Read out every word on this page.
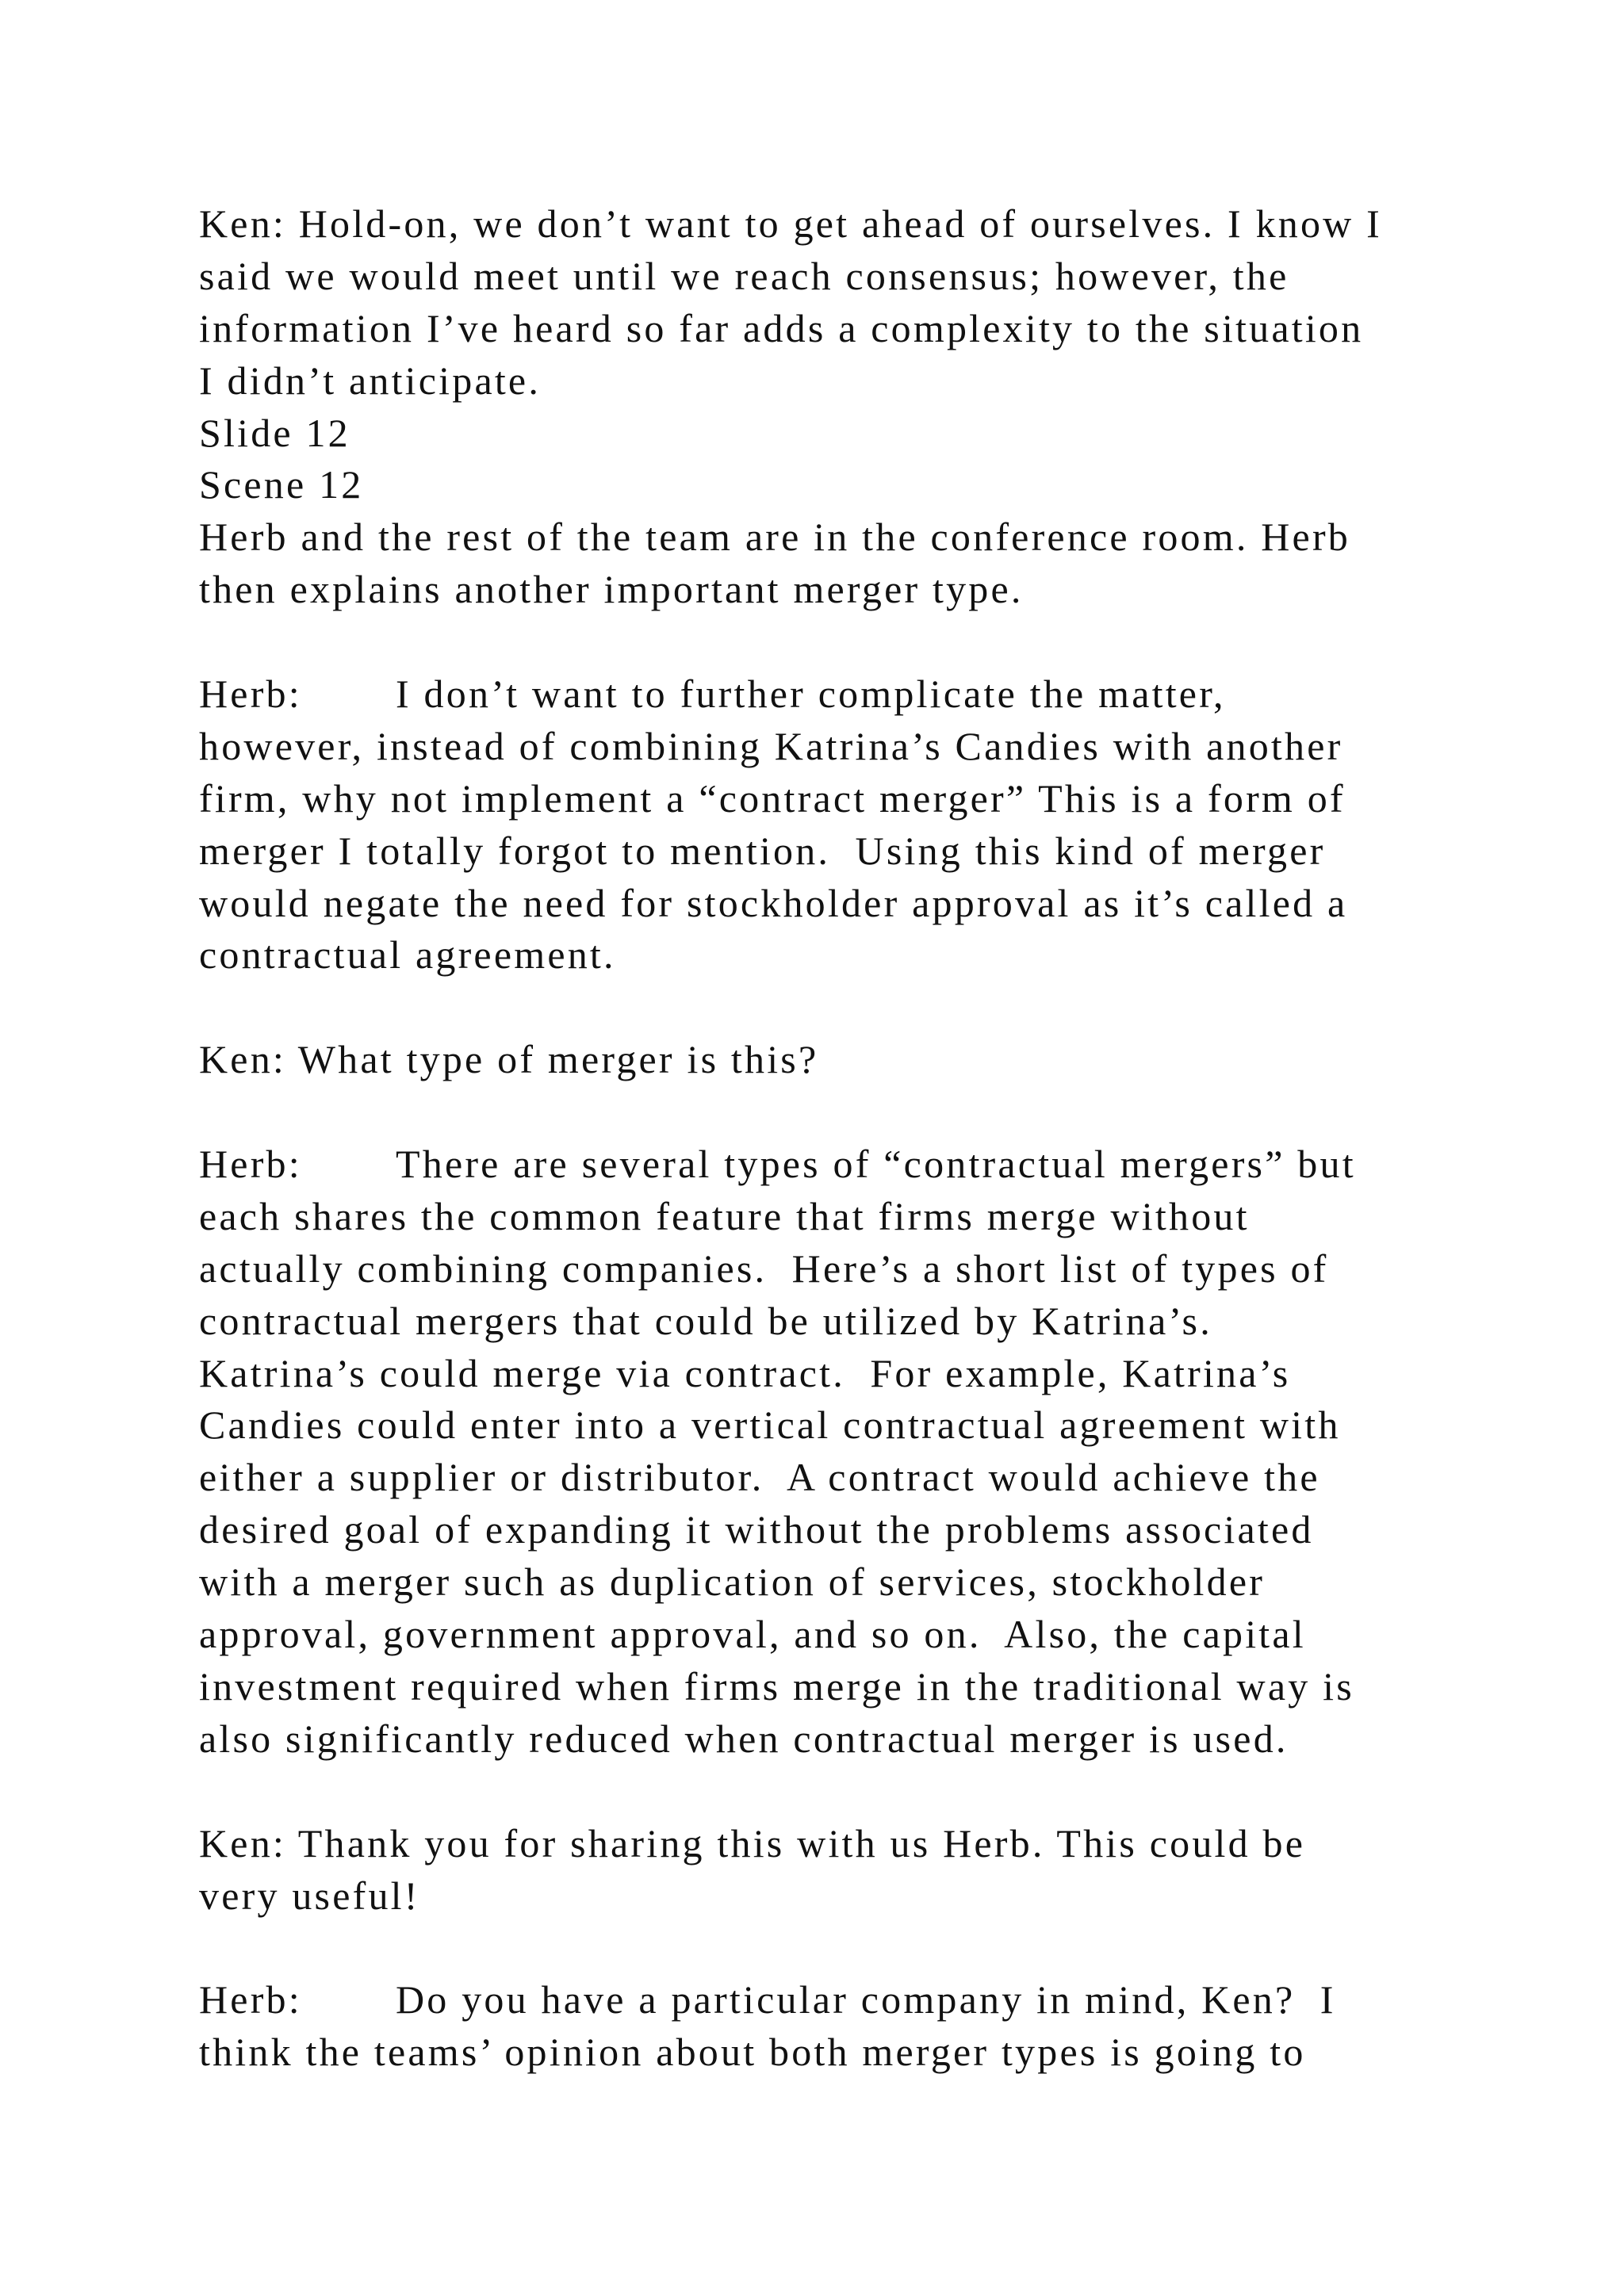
Ken: Hold-on, we don’t want to get ahead of ourselves. I know I
said we would meet until we reach consensus; however, the
information I’ve heard so far adds a complexity to the situation
I didn’t anticipate.
Slide 12
Scene 12
Herb and the rest of the team are in the conference room. Herb
then explains another important merger type.
Herb:	I don’t want to further complicate the matter,
however, instead of combining Katrina’s Candies with another
firm, why not implement a “contract merger” This is a form of
merger I totally forgot to mention.  Using this kind of merger
would negate the need for stockholder approval as it’s called a
contractual agreement.
Ken: What type of merger is this?
Herb:	There are several types of “contractual mergers” but
each shares the common feature that firms merge without
actually combining companies.  Here’s a short list of types of
contractual mergers that could be utilized by Katrina’s.
Katrina’s could merge via contract.  For example, Katrina’s
Candies could enter into a vertical contractual agreement with
either a supplier or distributor.  A contract would achieve the
desired goal of expanding it without the problems associated
with a merger such as duplication of services, stockholder
approval, government approval, and so on.  Also, the capital
investment required when firms merge in the traditional way is
also significantly reduced when contractual merger is used.
Ken: Thank you for sharing this with us Herb. This could be
very useful!
Herb:	Do you have a particular company in mind, Ken?  I
think the teams’ opinion about both merger types is going to
